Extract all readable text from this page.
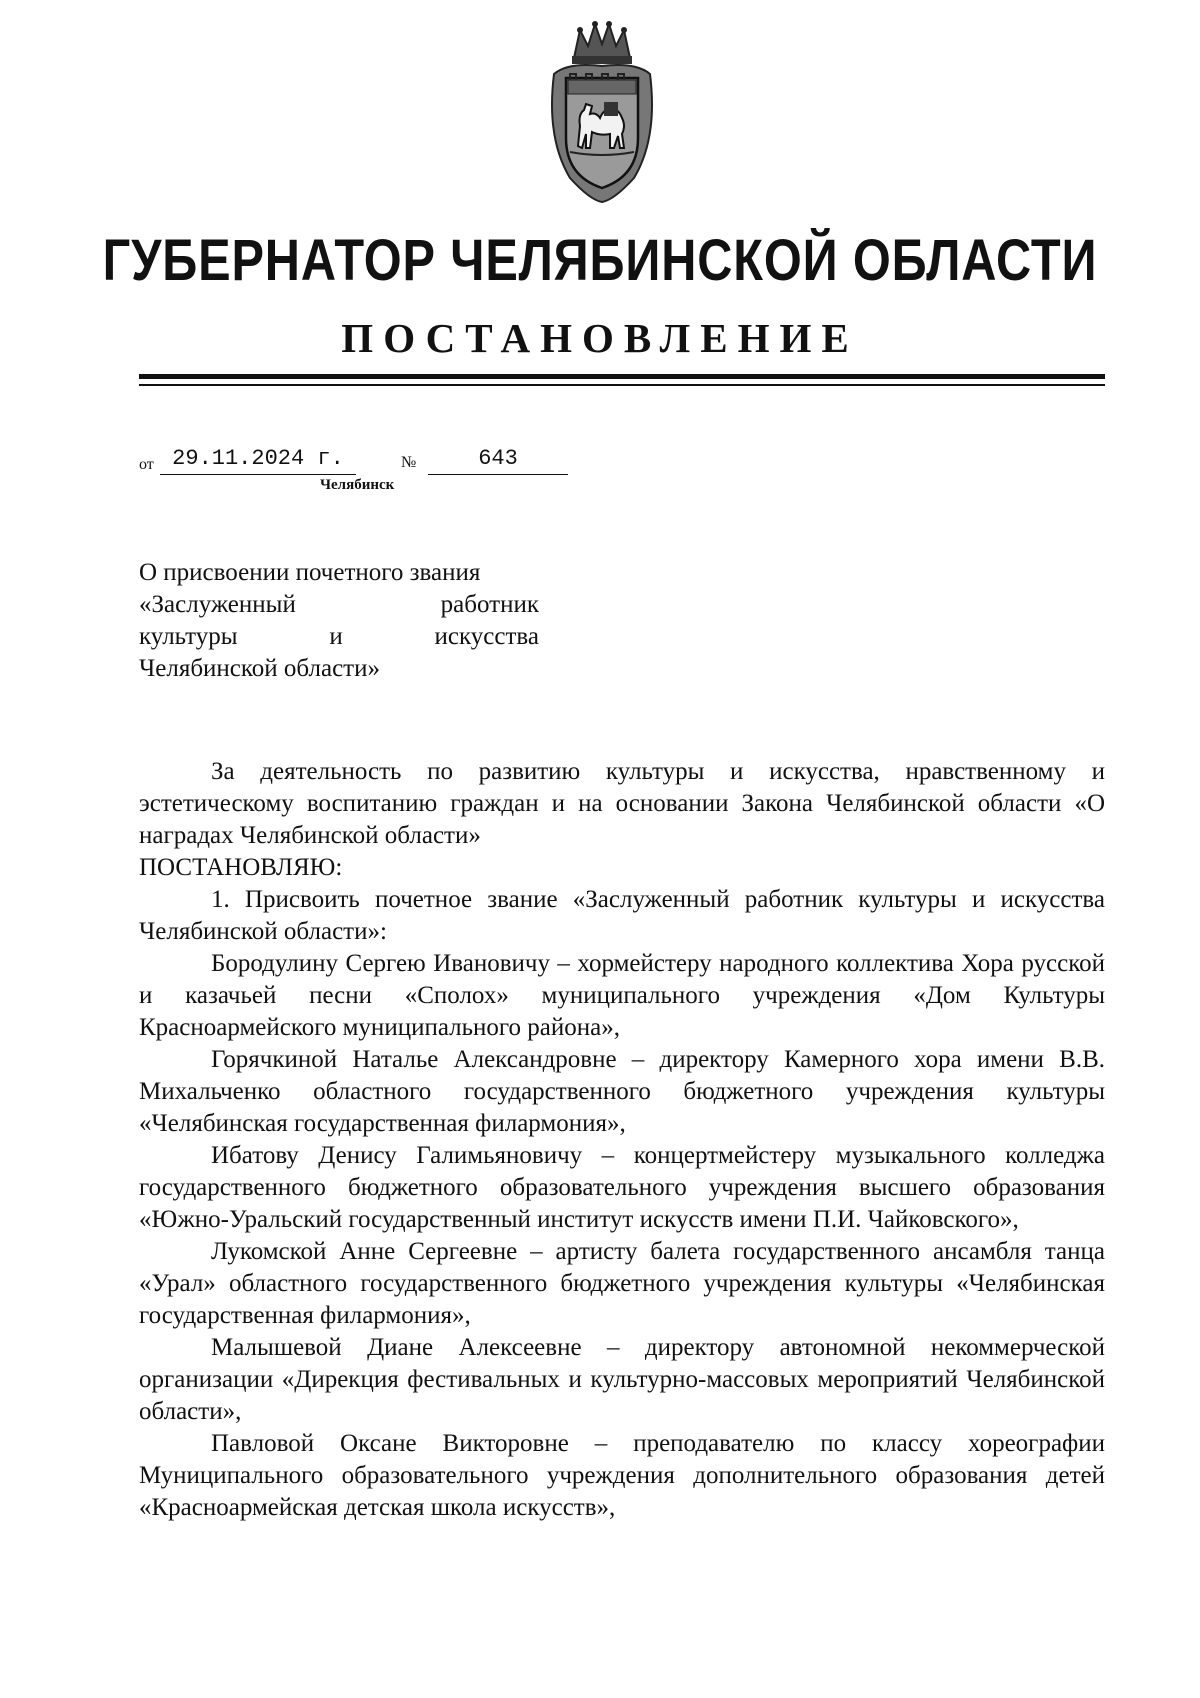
ГУБЕРНАТОР ЧЕЛЯБИНСКОЙ ОБЛАСТИ
ПОСТАНОВЛЕНИЕ
от 29.11.2024 г.	№	643
Челябинск
О присвоении почетного звания
«Заслуженный работник
культуры и искусства
Челябинской области»

За деятельность по развитию культуры и искусства, нравственному и эстетическому воспитанию граждан и на основании Закона Челябинской области «О наградах Челябинской области»

ПОСТАНОВЛЯЮ:

1. Присвоить почетное звание «Заслуженный работник культуры и искусства Челябинской области»:

Бородулину Сергею Ивановичу – хормейстеру народного коллектива Хора русской и казачьей песни «Сполох» муниципального учреждения «Дом Культуры Красноармейского муниципального района»,

Горячкиной Наталье Александровне – директору Камерного хора имени В.В. Михальченко областного государственного бюджетного учреждения культуры «Челябинская государственная филармония»,

Ибатову Денису Галимьяновичу – концертмейстеру музыкального колледжа государственного бюджетного образовательного учреждения высшего образования «Южно-Уральский государственный институт искусств имени П.И. Чайковского»,

Лукомской Анне Сергеевне – артисту балета государственного ансамбля танца «Урал» областного государственного бюджетного учреждения культуры «Челябинская государственная филармония»,

Малышевой Диане Алексеевне – директору автономной некоммерческой организации «Дирекция фестивальных и культурно-массовых мероприятий Челябинской области»,

Павловой Оксане Викторовне – преподавателю по классу хореографии Муниципального образовательного учреждения дополнительного образования детей «Красноармейская детская школа искусств»,
